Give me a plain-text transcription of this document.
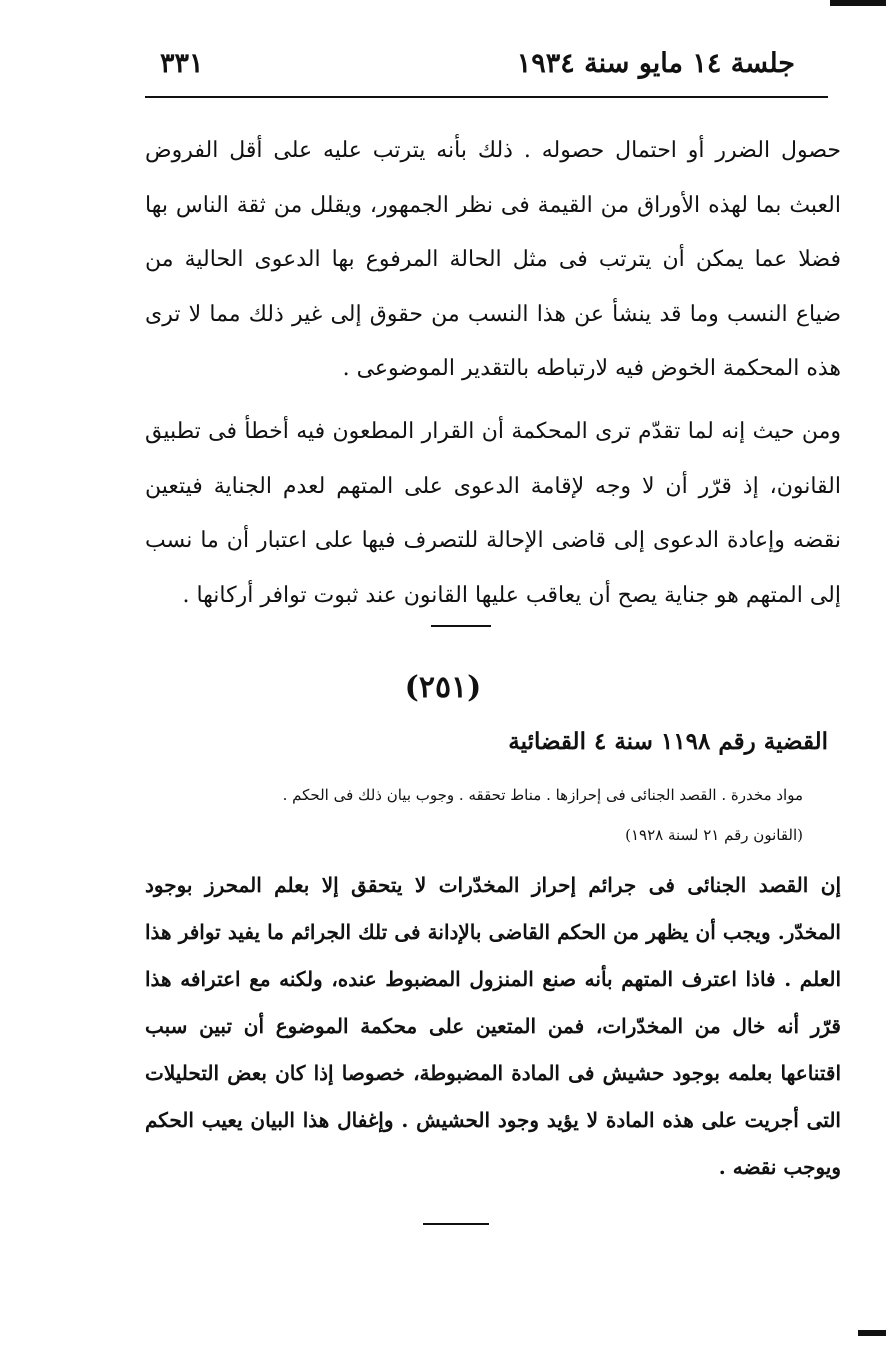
جلسة ١٤ مايو سنة ١٩٣٤
٣٣١

حصول الضرر أو احتمال حصوله . ذلك بأنه يترتب عليه على أقل الفروض العبث بما لهذه الأوراق من القيمة فى نظر الجمهور، ويقلل من ثقة الناس بها فضلا عما يمكن أن يترتب فى مثل الحالة المرفوع بها الدعوى الحالية من ضياع النسب وما قد ينشأ عن هذا النسب من حقوق إلى غير ذلك مما لا ترى هذه المحكمة الخوض فيه لارتباطه بالتقدير الموضوعى .

ومن حيث إنه لما تقدّم ترى المحكمة أن القرار المطعون فيه أخطأ فى تطبيق القانون، إذ قرّر أن لا وجه لإقامة الدعوى على المتهم لعدم الجناية فيتعين نقضه وإعادة الدعوى إلى قاضى الإحالة للتصرف فيها على اعتبار أن ما نسب إلى المتهم هو جناية يصح أن يعاقب عليها القانون عند ثبوت توافر أركانها .

(٢٥١)
القضية رقم ١١٩٨ سنة ٤ القضائية
مواد مخدرة . القصد الجنائى فى إحرازها . مناط تحققه . وجوب بيان ذلك فى الحكم .
(القانون رقم ٢١ لسنة ١٩٢٨)

إن القصد الجنائى فى جرائم إحراز المخدّرات لا يتحقق إلا بعلم المحرز بوجود المخدّر. ويجب أن يظهر من الحكم القاضى بالإدانة فى تلك الجرائم ما يفيد توافر هذا العلم . فاذا اعترف المتهم بأنه صنع المنزول المضبوط عنده، ولكنه مع اعترافه هذا قرّر أنه خال من المخدّرات، فمن المتعين على محكمة الموضوع أن تبين سبب اقتناعها بعلمه بوجود حشيش فى المادة المضبوطة، خصوصا إذا كان بعض التحليلات التى أجريت على هذه المادة لا يؤيد وجود الحشيش . وإغفال هذا البيان يعيب الحكم ويوجب نقضه .
